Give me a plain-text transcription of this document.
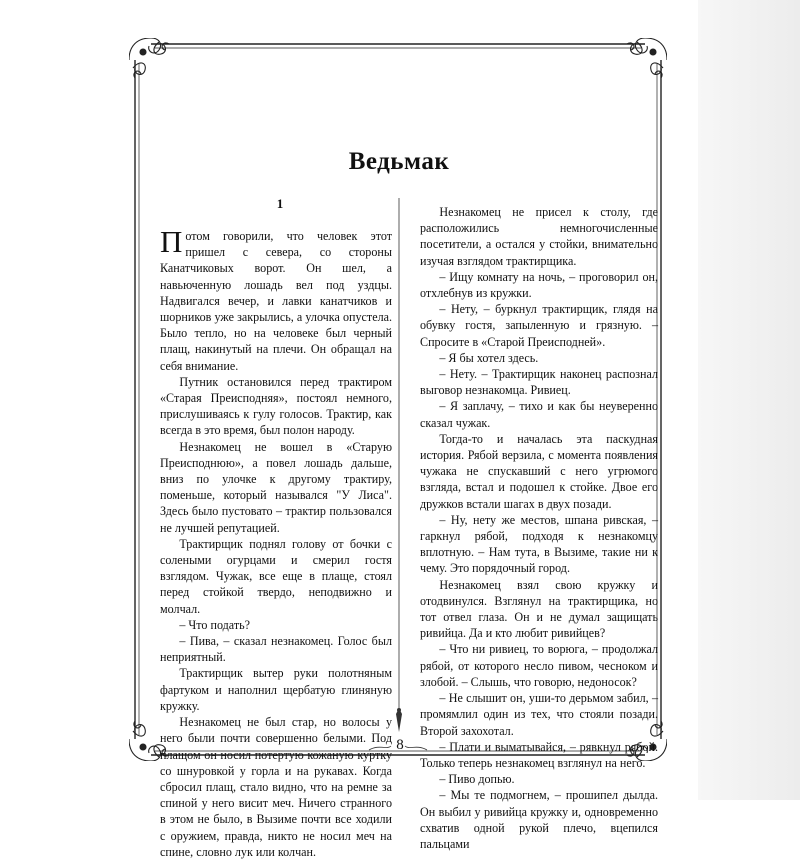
Ведьмак
1

Потом говорили, что человек этот пришел с севера, со стороны Канатчиковых ворот. Он шел, а навьюченную лошадь вел под уздцы. Надвигался вечер, и лавки канатчиков и шорников уже закрылись, а улочка опустела. Было тепло, но на человеке был черный плащ, накинутый на плечи. Он обращал на себя внимание.

Путник остановился перед трактиром «Старая Преисподняя», постоял немного, прислушиваясь к гулу голосов. Трактир, как всегда в это время, был полон народу.

Незнакомец не вошел в «Старую Преисподнюю», а повел лошадь дальше, вниз по улочке к другому трактиру, поменьше, который назывался "У Лиса". Здесь было пустовато – трактир пользовался не лучшей репутацией.

Трактирщик поднял голову от бочки с солеными огурцами и смерил гостя взглядом. Чужак, все еще в плаще, стоял перед стойкой твердо, неподвижно и молчал.

– Что подать?

– Пива, – сказал незнакомец. Голос был неприятный.

Трактирщик вытер руки полотняным фартуком и наполнил щербатую глиняную кружку.

Незнакомец не был стар, но волосы у него были почти совершенно белыми. Под плащом он носил потертую кожаную куртку со шнуровкой у горла и на рукавах. Когда сбросил плащ, стало видно, что на ремне за спиной у него висит меч. Ничего странного в этом не было, в Вызиме почти все ходили с оружием, правда, никто не носил меч на спине, словно лук или колчан.

Незнакомец не присел к столу, где расположились немногочисленные посетители, а остался у стойки, внимательно изучая взглядом трактирщика.

– Ищу комнату на ночь, – проговорил он, отхлебнув из кружки.

– Нету, – буркнул трактирщик, глядя на обувку гостя, запыленную и грязную. – Спросите в «Старой Преисподней».

– Я бы хотел здесь.

– Нету. – Трактирщик наконец распознал выговор незнакомца. Ривиец.

– Я заплачу, – тихо и как бы неуверенно сказал чужак.

Тогда-то и началась эта паскудная история. Рябой верзила, с момента появления чужака не спускавший с него угрюмого взгляда, встал и подошел к стойке. Двое его дружков встали шагах в двух позади.

– Ну, нету же местов, шпана ривская, – гаркнул рябой, подходя к незнакомцу вплотную. – Нам тута, в Вызиме, такие ни к чему. Это порядочный город.

Незнакомец взял свою кружку и отодвинулся. Взглянул на трактирщика, но тот отвел глаза. Он и не думал защищать ривийца. Да и кто любит ривийцев?

– Что ни ривиец, то ворюга, – продолжал рябой, от которого несло пивом, чесноком и злобой. – Слышь, что говорю, недоносок?

– Не слышит он, уши-то дерьмом забил, – промямлил один из тех, что стояли позади. Второй захохотал.

– Плати и выматывайся, – рявкнул рябой. Только теперь незнакомец взглянул на него.

– Пиво допью.

– Мы те подмогнем, – прошипел дылда. Он выбил у ривийца кружку и, одновременно схватив одной рукой плечо, вцепился пальцами

8
